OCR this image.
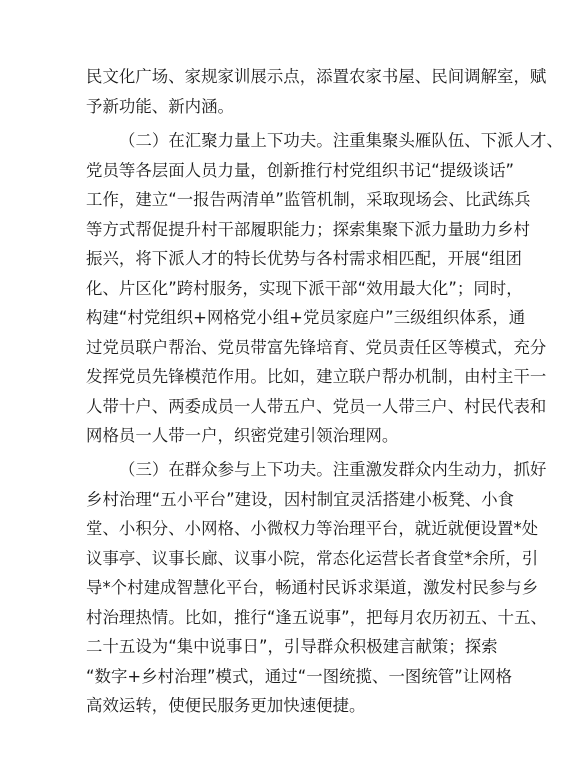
民文化广场、家规家训展示点，添置农家书屋、民间调解室，赋
予新功能、新内涵。
（二）在汇聚力量上下功夫。注重集聚头雁队伍、下派人才、
党员等各层面人员力量，创新推行村党组织书记“提级谈话”
工作，建立“一报告两清单”监管机制，采取现场会、比武练兵
等方式帮促提升村干部履职能力；探索集聚下派力量助力乡村
振兴，将下派人才的特长优势与各村需求相匹配，开展“组团
化、片区化”跨村服务，实现下派干部“效用最大化”；同时，
构建“村党组织+网格党小组+党员家庭户”三级组织体系，通
过党员联户帮治、党员带富先锋培育、党员责任区等模式，充分
发挥党员先锋模范作用。比如，建立联户帮办机制，由村主干一
人带十户、两委成员一人带五户、党员一人带三户、村民代表和
网格员一人带一户，织密党建引领治理网。
（三）在群众参与上下功夫。注重激发群众内生动力，抓好
乡村治理“五小平台”建设，因村制宜灵活搭建小板凳、小食
堂、小积分、小网格、小微权力等治理平台，就近就便设置*处
议事亭、议事长廊、议事小院，常态化运营长者食堂*余所，引
导*个村建成智慧化平台，畅通村民诉求渠道，激发村民参与乡
村治理热情。比如，推行“逢五说事”，把每月农历初五、十五、
二十五设为“集中说事日”，引导群众积极建言献策；探索
“数字+乡村治理”模式，通过“一图统揽、一图统管”让网格
高效运转，使便民服务更加快速便捷。
